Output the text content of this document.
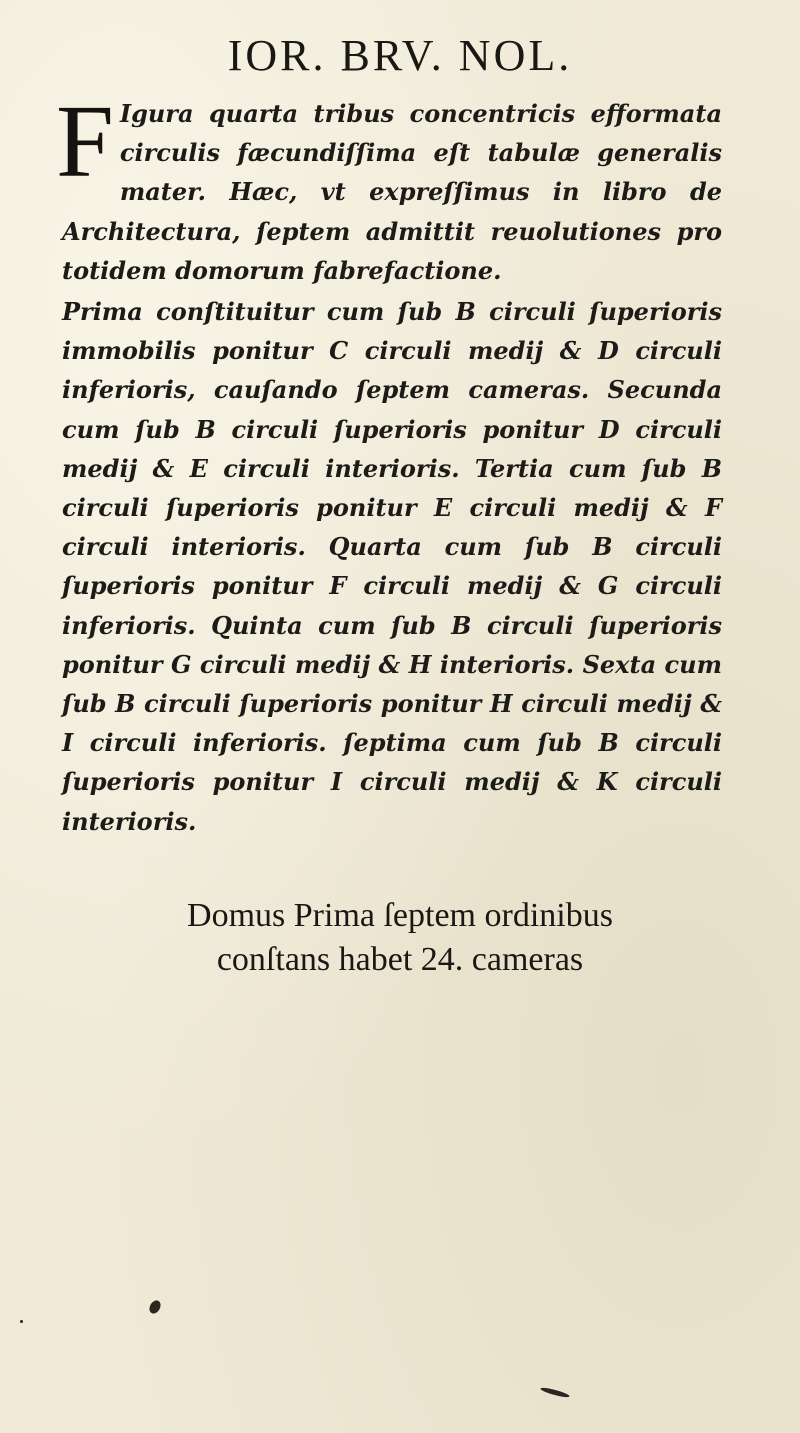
IOR. BRV. NOL.
F Igura quarta tribus concentricis efformata circulis fæcundiſſima eſt tabulæ generalis mater. Hæc, vt expreſſimus in libro de Architectura, ſeptem admittit reuolutiones pro totidem domorum fabrefactione.
Prima conſtituitur cum ſub B circuli ſuperioris immobilis ponitur C circuli medij & D circuli inferioris, cauſando ſeptem cameras. Secunda cum ſub B circuli ſuperioris ponitur D circuli medij & E circuli interioris. Tertia cum ſub B circuli ſuperioris ponitur E circuli medij & F circuli interioris. Quarta cum ſub B circuli ſuperioris ponitur F circuli medij & G circuli inferioris. Quinta cum ſub B circuli ſuperioris ponitur G circuli medij & H interioris. Sexta cum ſub B circuli ſuperioris ponitur H circuli medij & I circuli inferioris. ſeptima cum ſub B circuli ſuperioris ponitur I circuli medij & K circuli interioris.
Domus Prima ſeptem ordinibus
conſtans habet 24. cameras
